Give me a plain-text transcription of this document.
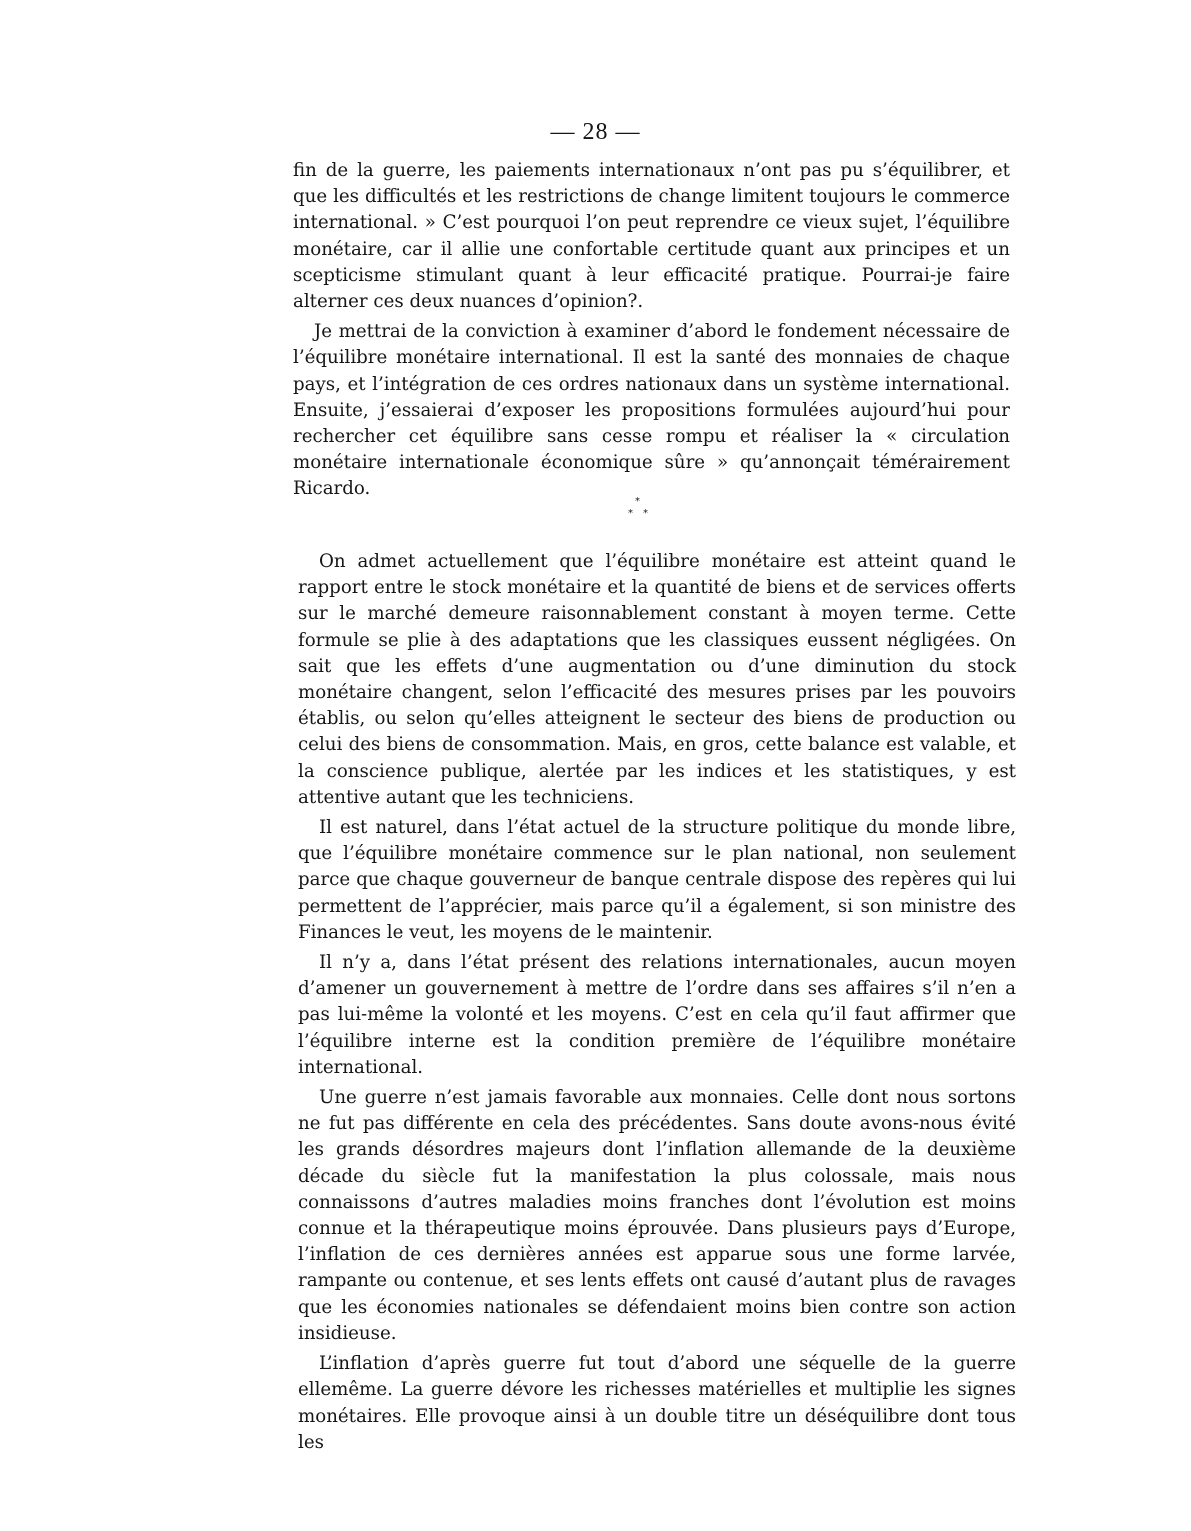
— 28 —

fin de la guerre, les paiements internationaux n’ont pas pu s’équilibrer, et que les difficultés et les restrictions de change limitent toujours le commerce international. » C’est pourquoi l’on peut reprendre ce vieux sujet, l’équilibre monétaire, car il allie une confortable certitude quant aux principes et un scepticisme stimulant quant à leur efficacité pratique. Pourrai-je faire alterner ces deux nuances d’opinion?.

Je mettrai de la conviction à examiner d’abord le fondement nécessaire de l’équilibre monétaire international. Il est la santé des monnaies de chaque pays, et l’intégration de ces ordres nationaux dans un système international. Ensuite, j’essaierai d’exposer les propositions formulées aujourd’hui pour rechercher cet équilibre sans cesse rompu et réaliser la « circulation monétaire internationale économique sûre » qu’annonçait témérairement Ricardo.

*
* *

On admet actuellement que l’équilibre monétaire est atteint quand le rapport entre le stock monétaire et la quantité de biens et de services offerts sur le marché demeure raisonnablement constant à moyen terme. Cette formule se plie à des adaptations que les classiques eussent négligées. On sait que les effets d’une augmentation ou d’une diminution du stock monétaire changent, selon l’efficacité des mesures prises par les pouvoirs établis, ou selon qu’elles atteignent le secteur des biens de production ou celui des biens de consommation. Mais, en gros, cette balance est valable, et la conscience publique, alertée par les indices et les statistiques, y est attentive autant que les techniciens.

Il est naturel, dans l’état actuel de la structure politique du monde libre, que l’équilibre monétaire commence sur le plan national, non seulement parce que chaque gouverneur de banque centrale dispose des repères qui lui permettent de l’apprécier, mais parce qu’il a également, si son ministre des Finances le veut, les moyens de le maintenir.

Il n’y a, dans l’état présent des relations internationales, aucun moyen d’amener un gouvernement à mettre de l’ordre dans ses affaires s’il n’en a pas lui-même la volonté et les moyens. C’est en cela qu’il faut affirmer que l’équilibre interne est la condition première de l’équilibre monétaire international.

Une guerre n’est jamais favorable aux monnaies. Celle dont nous sortons ne fut pas différente en cela des précédentes. Sans doute avons-nous évité les grands désordres majeurs dont l’inflation allemande de la deuxième décade du siècle fut la manifestation la plus colossale, mais nous connaissons d’autres maladies moins franches dont l’évolution est moins connue et la thérapeutique moins éprouvée. Dans plusieurs pays d’Europe, l’inflation de ces dernières années est apparue sous une forme larvée, rampante ou contenue, et ses lents effets ont causé d’autant plus de ravages que les économies nationales se défendaient moins bien contre son action insidieuse.

L’inflation d’après guerre fut tout d’abord une séquelle de la guerre ellemême. La guerre dévore les richesses matérielles et multiplie les signes monétaires. Elle provoque ainsi à un double titre un déséquilibre dont tous les
